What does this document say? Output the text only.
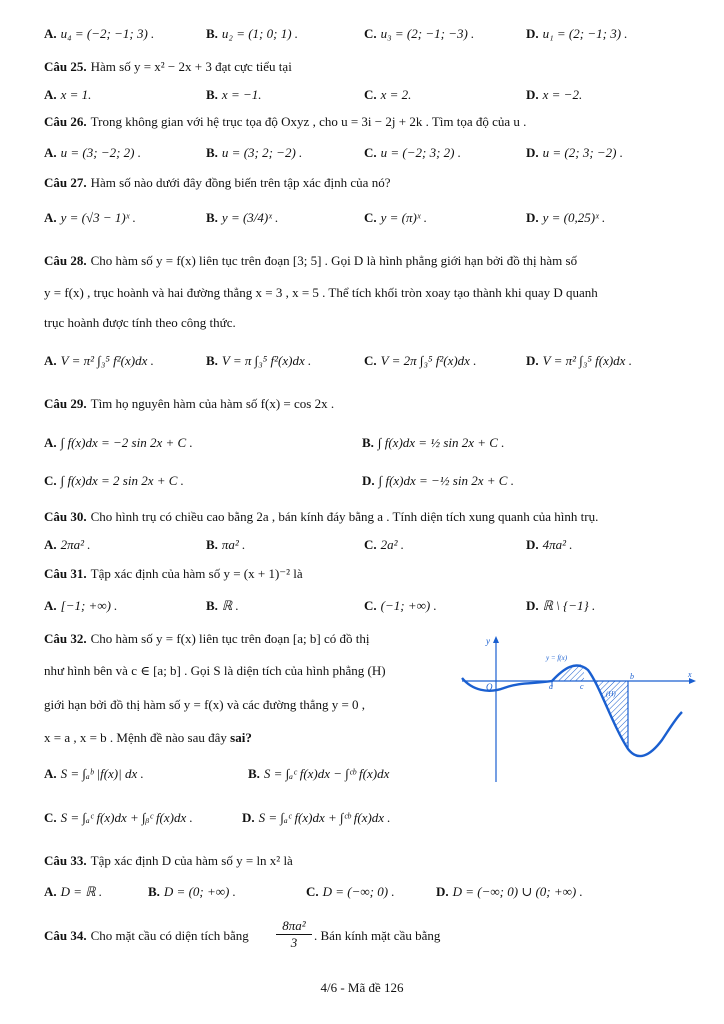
A. u₄ = (−2; −1; 3) .	B. u₂ = (1; 0; 1) .	C. u₃ = (2; −1; −3) .	D. u₁ = (2; −1; 3) .
Câu 25. Hàm số y = x² − 2x + 3 đạt cực tiểu tại
A. x = 1.	B. x = −1.	C. x = 2.	D. x = −2.
Câu 26. Trong không gian với hệ trục tọa độ Oxyz , cho u = 3i − 2j + 2k . Tìm tọa độ của u .
A. u = (3; −2; 2) .	B. u = (3; 2; −2) .	C. u = (−2; 3; 2) .	D. u = (2; 3; −2) .
Câu 27. Hàm số nào dưới đây đồng biến trên tập xác định của nó?
A. y = (√3 − 1)ˣ .	B. y = (3/4)ˣ .	C. y = (π)ˣ .	D. y = (0,25)ˣ .
Câu 28. Cho hàm số y = f(x) liên tục trên đoạn [3; 5] . Gọi D là hình phẳng giới hạn bởi đồ thị hàm số
y = f(x) , trục hoành và hai đường thẳng x = 3 , x = 5 . Thể tích khối tròn xoay tạo thành khi quay D quanh
trục hoành được tính theo công thức.
A. V = π² ∫₃⁵ f²(x)dx .	B. V = π ∫₃⁵ f²(x)dx .	C. V = 2π ∫₃⁵ f²(x)dx .	D. V = π² ∫₃⁵ f(x)dx .
Câu 29. Tìm họ nguyên hàm của hàm số f(x) = cos 2x .
A. ∫ f(x)dx = −2 sin 2x + C .	B. ∫ f(x)dx = ½ sin 2x + C .
C. ∫ f(x)dx = 2 sin 2x + C .	D. ∫ f(x)dx = −½ sin 2x + C .
Câu 30. Cho hình trụ có chiều cao bằng 2a , bán kính đáy bằng a . Tính diện tích xung quanh của hình trụ.
A. 2πa² .	B. πa² .	C. 2a² .	D. 4πa² .
Câu 31. Tập xác định của hàm số y = (x + 1)⁻² là
A. [−1; +∞) .	B. ℝ .	C. (−1; +∞) .	D. ℝ \ {−1} .
Câu 32. Cho hàm số y = f(x) liên tục trên đoạn [a; b] có đồ thị
như hình bên và c ∈ [a; b] . Gọi S là diện tích của hình phẳng (H)
giới hạn bởi đồ thị hàm số y = f(x) và các đường thẳng y = 0 ,
x = a , x = b . Mệnh đề nào sau đây sai?
y
x
O	a	c
b
y = f(x)
(H)
A. S = ∫ₐᵇ |f(x)| dx .	B. S = ∫ₐᶜ f(x)dx − ∫ᶜᵇ f(x)dx
C. S = ∫ₐᶜ f(x)dx + ∫ᵦᶜ f(x)dx .	D. S = ∫ₐᶜ f(x)dx + ∫ᶜᵇ f(x)dx .
Câu 33. Tập xác định D của hàm số y = ln x² là
A. D = ℝ .	B. D = (0; +∞) .	C. D = (−∞; 0) .	D. D = (−∞; 0) ∪ (0; +∞) .
Câu 34. Cho mặt cầu có diện tích bằng $\frac{\text{8πa²}}{3}$ . Bán kính mặt cầu bằng
4/6 - Mã đề 126
